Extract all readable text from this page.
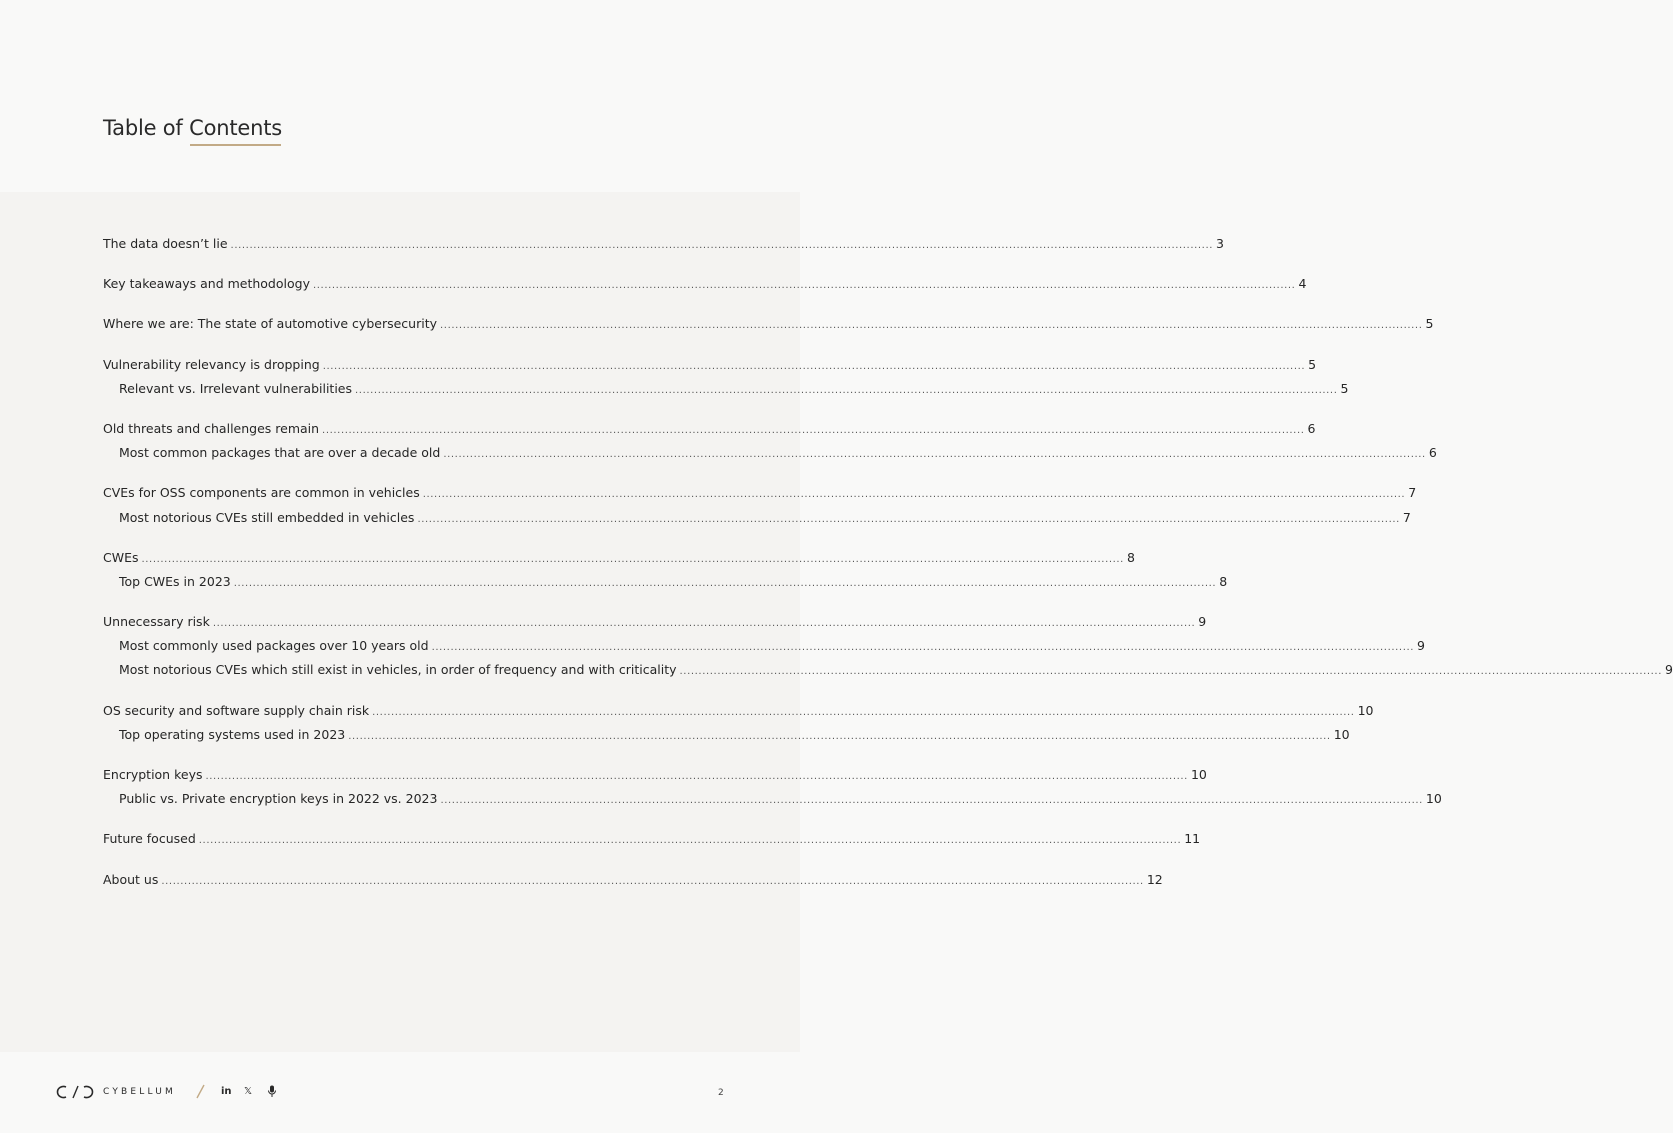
Table of Contents
The data doesn’t lie .................................................................................................................................................................................................................................................................... 3
Key takeaways and methodology .................................................................................................................................................................................................................................................................... 4
Where we are: The state of automotive cybersecurity .................................................................................................................................................................................................................................................................... 5
Vulnerability relevancy is dropping .................................................................................................................................................................................................................................................................... 5
Relevant vs. Irrelevant vulnerabilities .................................................................................................................................................................................................................................................................... 5
Old threats and challenges remain .................................................................................................................................................................................................................................................................... 6
Most common packages that are over a decade old .................................................................................................................................................................................................................................................................... 6
CVEs for OSS components are common in vehicles .................................................................................................................................................................................................................................................................... 7
Most notorious CVEs still embedded in vehicles .................................................................................................................................................................................................................................................................... 7
CWEs .................................................................................................................................................................................................................................................................... 8
Top CWEs in 2023 .................................................................................................................................................................................................................................................................... 8
Unnecessary risk .................................................................................................................................................................................................................................................................... 9
Most commonly used packages over 10 years old .................................................................................................................................................................................................................................................................... 9
Most notorious CVEs which still exist in vehicles, in order of frequency and with criticality .................................................................................................................................................................................................................................................................... 9
OS security and software supply chain risk .................................................................................................................................................................................................................................................................... 10
Top operating systems used in 2023 .................................................................................................................................................................................................................................................................... 10
Encryption keys .................................................................................................................................................................................................................................................................... 10
Public vs. Private encryption keys in 2022 vs. 2023 .................................................................................................................................................................................................................................................................... 10
Future focused .................................................................................................................................................................................................................................................................... 11
About us .................................................................................................................................................................................................................................................................... 12
CYBELLUM	in 𝕏	2
